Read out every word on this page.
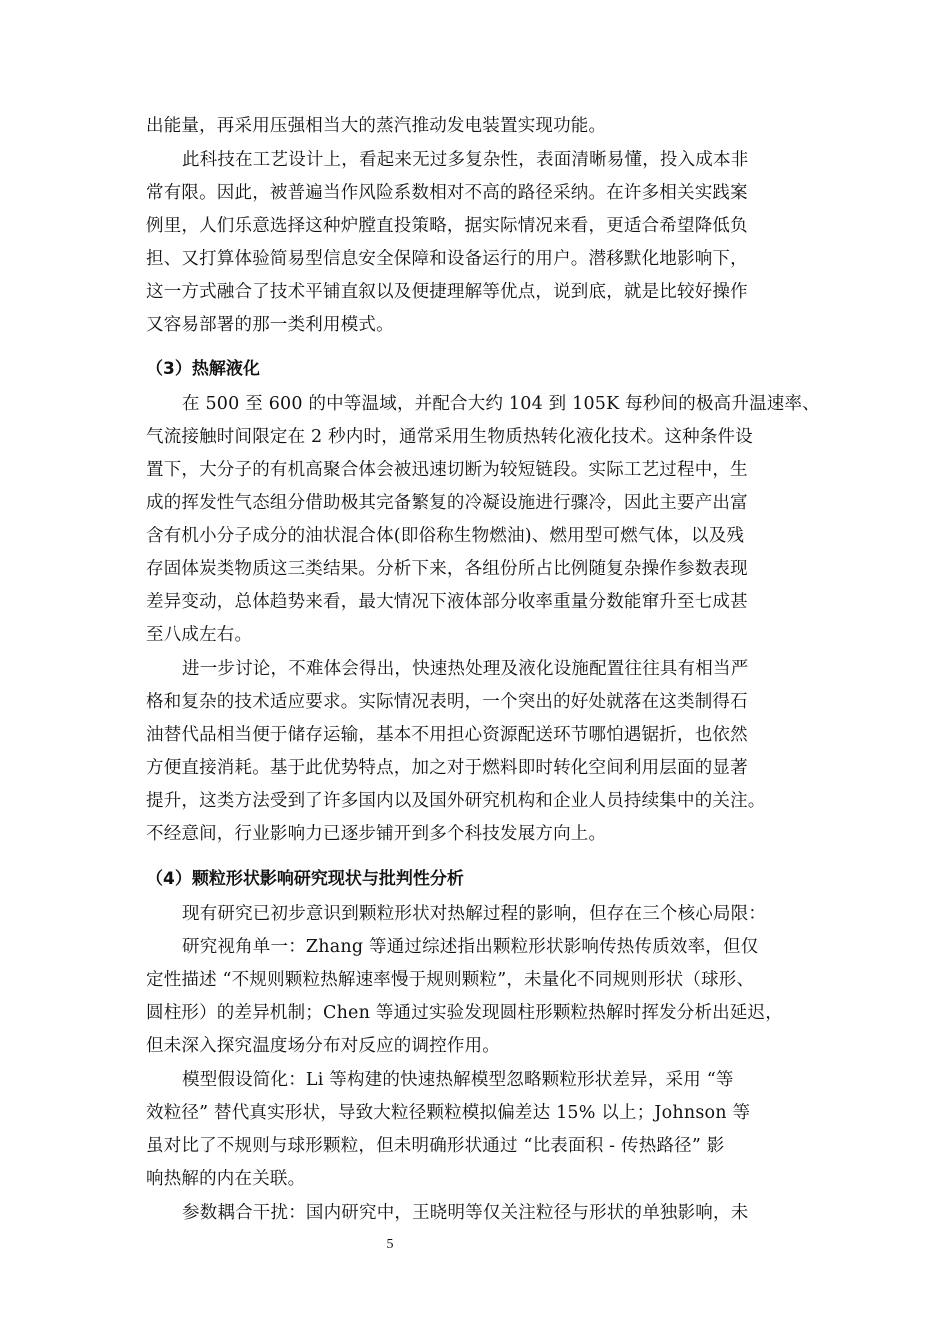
出能量，再采用压强相当大的蒸汽推动发电装置实现功能。
此科技在工艺设计上，看起来无过多复杂性，表面清晰易懂，投入成本非
常有限。因此，被普遍当作风险系数相对不高的路径采纳。在许多相关实践案
例里，人们乐意选择这种炉膛直投策略，据实际情况来看，更适合希望降低负
担、又打算体验简易型信息安全保障和设备运行的用户。潜移默化地影响下，
这一方式融合了技术平铺直叙以及便捷理解等优点，说到底，就是比较好操作
又容易部署的那一类利用模式。
（3）热解液化
在 500 至 600 的中等温域，并配合大约 104 到 105K 每秒间的极高升温速率、
气流接触时间限定在 2 秒内时，通常采用生物质热转化液化技术。这种条件设
置下，大分子的有机高聚合体会被迅速切断为较短链段。实际工艺过程中，生
成的挥发性气态组分借助极其完备繁复的冷凝设施进行骤冷，因此主要产出富
含有机小分子成分的油状混合体(即俗称生物燃油)、燃用型可燃气体，以及残
存固体炭类物质这三类结果。分析下来，各组份所占比例随复杂操作参数表现
差异变动，总体趋势来看，最大情况下液体部分收率重量分数能窜升至七成甚
至八成左右。
进一步讨论，不难体会得出，快速热处理及液化设施配置往往具有相当严
格和复杂的技术适应要求。实际情况表明，一个突出的好处就落在这类制得石
油替代品相当便于储存运输，基本不用担心资源配送环节哪怕遇锯折，也依然
方便直接消耗。基于此优势特点，加之对于燃料即时转化空间利用层面的显著
提升，这类方法受到了许多国内以及国外研究机构和企业人员持续集中的关注。
不经意间，行业影响力已逐步铺开到多个科技发展方向上。
（4）颗粒形状影响研究现状与批判性分析
现有研究已初步意识到颗粒形状对热解过程的影响，但存在三个核心局限：
研究视角单一：Zhang 等通过综述指出颗粒形状影响传热传质效率，但仅
定性描述 “不规则颗粒热解速率慢于规则颗粒”，未量化不同规则形状（球形、
圆柱形）的差异机制；Chen 等通过实验发现圆柱形颗粒热解时挥发分析出延迟，
但未深入探究温度场分布对反应的调控作用。
模型假设简化：Li 等构建的快速热解模型忽略颗粒形状差异，采用 “等
效粒径” 替代真实形状，导致大粒径颗粒模拟偏差达 15% 以上；Johnson 等
虽对比了不规则与球形颗粒，但未明确形状通过 “比表面积 - 传热路径” 影
响热解的内在关联。
参数耦合干扰：国内研究中，王晓明等仅关注粒径与形状的单独影响，未
5
